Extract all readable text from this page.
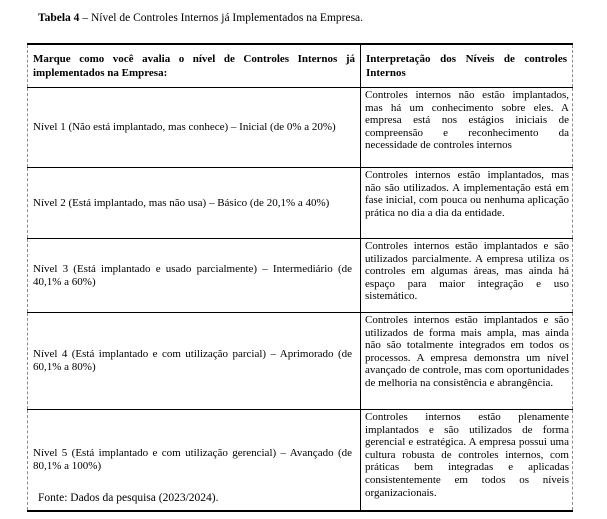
Tabela 4 – Nível de Controles Internos já Implementados na Empresa.
Marque como você avalia o nível de Controles Internos já implementados na Empresa:	Interpretação dos Níveis de controles Internos
Nível 1 (Não está implantado, mas conhece) – Inicial (de 0% a 20%)	Controles internos não estão implantados, mas há um conhecimento sobre eles. A empresa está nos estágios iniciais de compreensão e reconhecimento da necessidade de controles internos
Nível 2 (Está implantado, mas não usa) – Básico (de 20,1% a 40%)	Controles internos estão implantados, mas não são utilizados. A implementação está em fase inicial, com pouca ou nenhuma aplicação prática no dia a dia da entidade.
Nível 3 (Está implantado e usado parcialmente) – Intermediário (de 40,1% a 60%)	Controles internos estão implantados e são utilizados parcialmente. A empresa utiliza os controles em algumas áreas, mas ainda há espaço para maior integração e uso sistemático.
Nível 4 (Está implantado e com utilização parcial) – Aprimorado (de 60,1% a 80%)	Controles internos estão implantados e são utilizados de forma mais ampla, mas ainda não são totalmente integrados em todos os processos. A empresa demonstra um nível avançado de controle, mas com oportunidades de melhoria na consistência e abrangência.
Nível 5 (Está implantado e com utilização gerencial) – Avançado (de 80,1% a 100%)	Controles internos estão plenamente implantados e são utilizados de forma gerencial e estratégica. A empresa possui uma cultura robusta de controles internos, com práticas bem integradas e aplicadas consistentemente em todos os níveis organizacionais.
Fonte: Dados da pesquisa (2023/2024).
